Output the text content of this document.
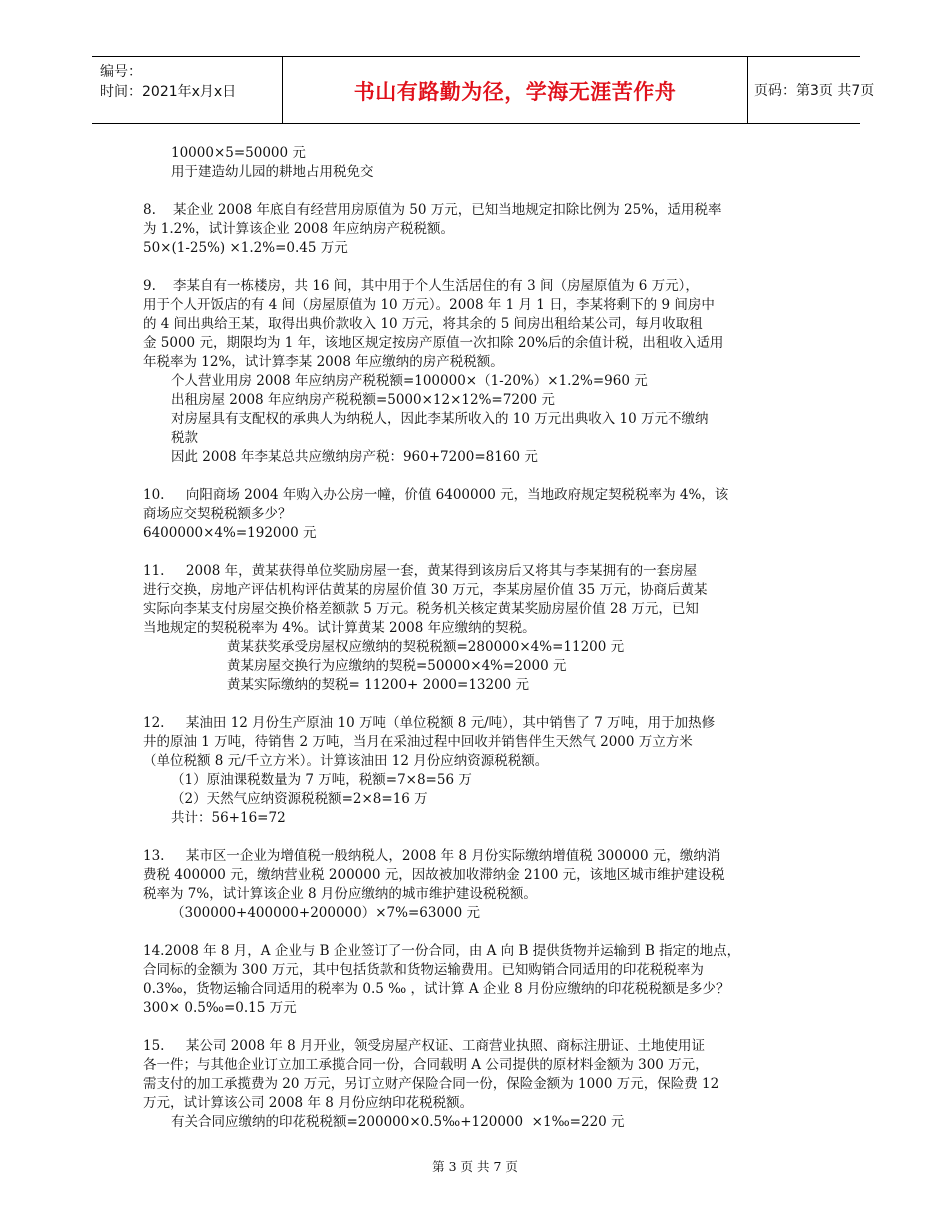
编号：
时间：2021年x月x日	书山有路勤为径，学海无涯苦作舟	页码：第3页 共7页
10000×5=50000 元
用于建造幼儿园的耕地占用税免交
8.    某企业 2008 年底自有经营用房原值为 50 万元，已知当地规定扣除比例为 25%，适用税率
为 1.2%，试计算该企业 2008 年应纳房产税税额。
50×(1-25%) ×1.2%=0.45 万元
9.    李某自有一栋楼房，共 16 间，其中用于个人生活居住的有 3 间（房屋原值为 6 万元），
用于个人开饭店的有 4 间（房屋原值为 10 万元）。2008 年 1 月 1 日，李某将剩下的 9 间房中
的 4 间出典给王某，取得出典价款收入 10 万元，将其余的 5 间房出租给某公司，每月收取租
金 5000 元，期限均为 1 年，该地区规定按房产原值一次扣除 20%后的余值计税，出租收入适用
年税率为 12%，试计算李某 2008 年应缴纳的房产税税额。
个人营业用房 2008 年应纳房产税税额=100000×（1-20%）×1.2%=960 元
出租房屋 2008 年应纳房产税税额=5000×12×12%=7200 元
对房屋具有支配权的承典人为纳税人，因此李某所收入的 10 万元出典收入 10 万元不缴纳
税款
因此 2008 年李某总共应缴纳房产税：960+7200=8160 元
10.     向阳商场 2004 年购入办公房一幢，价值 6400000 元，当地政府规定契税税率为 4%，该
商场应交契税税额多少？
6400000×4%=192000 元
11.     2008 年，黄某获得单位奖励房屋一套，黄某得到该房后又将其与李某拥有的一套房屋
进行交换，房地产评估机构评估黄某的房屋价值 30 万元，李某房屋价值 35 万元，协商后黄某
实际向李某支付房屋交换价格差额款 5 万元。税务机关核定黄某奖励房屋价值 28 万元，已知
当地规定的契税税率为 4%。试计算黄某 2008 年应缴纳的契税。
黄某获奖承受房屋权应缴纳的契税税额=280000×4%=11200 元
黄某房屋交换行为应缴纳的契税=50000×4%=2000 元
黄某实际缴纳的契税= 11200+ 2000=13200 元
12.     某油田 12 月份生产原油 10 万吨（单位税额 8 元/吨），其中销售了 7 万吨，用于加热修
井的原油 1 万吨，待销售 2 万吨，当月在采油过程中回收并销售伴生天然气 2000 万立方米
（单位税额 8 元/千立方米）。计算该油田 12 月份应纳资源税税额。
（1）原油课税数量为 7 万吨，税额=7×8=56 万
（2）天然气应纳资源税税额=2×8=16 万
共计：56+16=72
13.     某市区一企业为增值税一般纳税人，2008 年 8 月份实际缴纳增值税 300000 元，缴纳消
费税 400000 元，缴纳营业税 200000 元，因故被加收滞纳金 2100 元，该地区城市维护建设税
税率为 7%，试计算该企业 8 月份应缴纳的城市维护建设税税额。
（300000+400000+200000）×7%=63000 元
14.2008 年 8 月，A 企业与 B 企业签订了一份合同，由 A 向 B 提供货物并运输到 B 指定的地点，
合同标的金额为 300 万元，其中包括货款和货物运输费用。已知购销合同适用的印花税税率为
0.3‰，货物运输合同适用的税率为 0.5 ‰ ，试计算 A 企业 8 月份应缴纳的印花税税额是多少？
300× 0.5‰=0.15 万元
15.     某公司 2008 年 8 月开业，领受房屋产权证、工商营业执照、商标注册证、土地使用证
各一件；与其他企业订立加工承揽合同一份，合同载明 A 公司提供的原材料金额为 300 万元，
需支付的加工承揽费为 20 万元，另订立财产保险合同一份，保险金额为 1000 万元，保险费 12
万元，试计算该公司 2008 年 8 月份应纳印花税税额。
有关合同应缴纳的印花税税额=200000×0.5‰+120000  ×1‰=220 元
第 3 页 共 7 页
